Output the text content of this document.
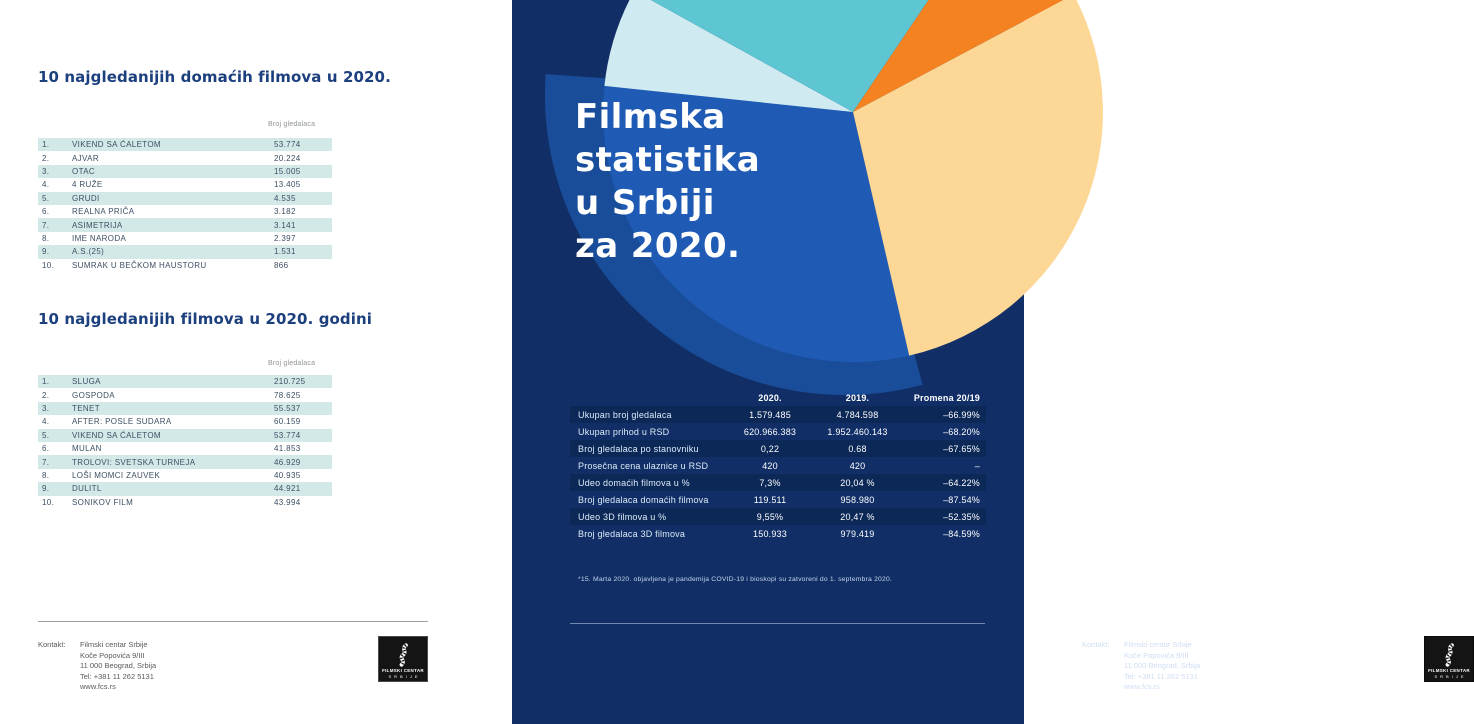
10 najgledanijih domaćih filmova u 2020.
Broj gledalaca
1.	VIKEND SA ĆALETOM	53.774
2.	AJVAR	20.224
3.	OTAC	15.005
4.	4 RUŽE	13.405
5.	GRUDI	4.535
6.	REALNA PRIČA	3.182
7.	ASIMETRIJA	3.141
8.	IME NARODA	2.397
9.	A.S.(25)	1.531
10.	SUMRAK U BEČKOM HAUSTORU	866
10 najgledanijih filmova u 2020. godini
Broj gledalaca
1.	SLUGA	210.725
2.	GOSPODA	78.625
3.	TENET	55.537
4.	AFTER: POSLE SUDARA	60.159
5.	VIKEND SA ĆALETOM	53.774
6.	MULAN	41.853
7.	TROLOVI: SVETSKA TURNEJA	46.929
8.	LOŠI MOMCI ZAUVEK	40.935
9.	DULITL	44.921
10.	SONIKOV FILM	43.994
Kontakt:	Filmski centar Srbije
Koče Popovića 9/III
11 000 Beograd, Srbija
Tel: +381 11 262 5131
www.fcs.rs
FILMSKI CENTAR
SRBIJE
Filmska
statistika
u Srbiji
za 2020.
2020.	2019.	Promena 20/19
Ukupan broj gledalaca	1.579.485	4.784.598	–66.99%
Ukupan prihod u RSD	620.966.383	1.952.460.143	–68.20%
Broj gledalaca po stanovniku	0,22	0.68	–67.65%
Prosečna cena ulaznice u RSD	420	420	–
Udeo domaćih filmova u %	7,3%	20,04 %	–64.22%
Broj gledalaca domaćih filmova	119.511	958.980	–87.54%
Udeo 3D filmova u %	9,55%	20,47 %	–52.35%
Broj gledalaca 3D filmova	150.933	979.419	–84.59%
*15. Marta 2020. objavljena je pandemija COVID-19 i bioskopi su zatvoreni do 1. septembra 2020.
Kontakt:	Filmski centar Srbije
Koče Popovića 9/III
11 000 Beograd, Srbija
Tel: +381 11 262 5131
www.fcs.rs
FILMSKI CENTAR
SRBIJE
